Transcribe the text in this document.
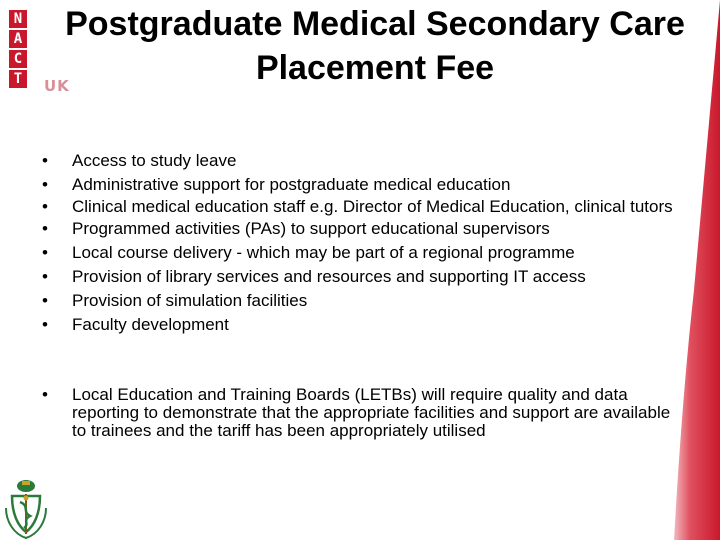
N
A
C
T	UK
Postgraduate Medical Secondary Care Placement Fee
www.nactuk.org.uk
• Access to study leave
• Administrative support for postgraduate medical education
• Clinical medical education staff e.g. Director of Medical Education, clinical tutors
• Programmed activities (PAs) to support educational supervisors
• Local course delivery - which may be part of a regional programme
• Provision of library services and resources and supporting IT access
• Provision of simulation facilities
• Faculty development
• Local Education and Training Boards (LETBs) will require quality and data reporting to demonstrate that the appropriate facilities and support are available to trainees and the tariff has been appropriately utilised
